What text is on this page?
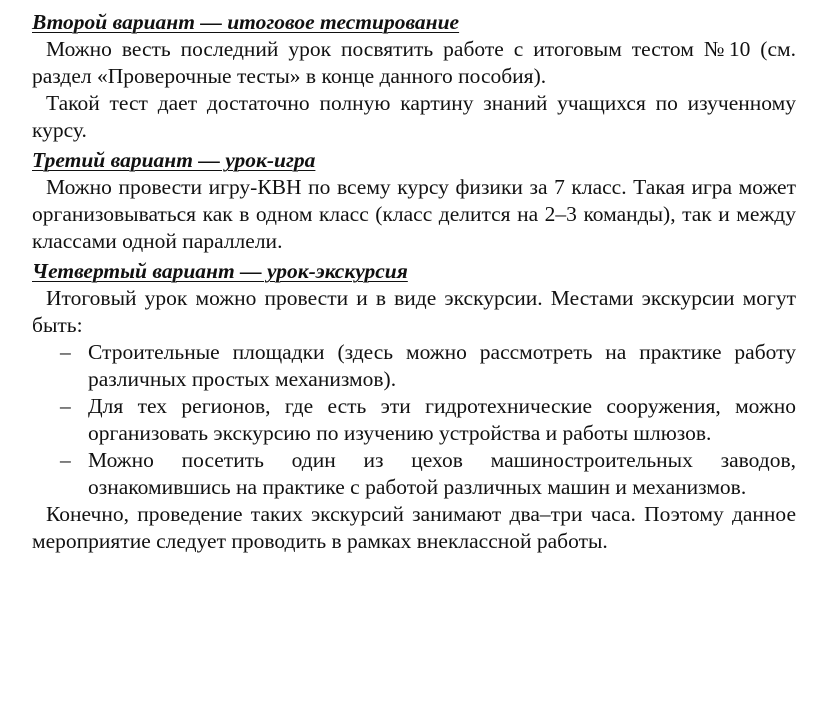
Второй вариант — итоговое тестирование

Можно весть последний урок посвятить работе с итоговым тестом №10 (см. раздел «Проверочные тесты» в конце данного пособия).

Такой тест дает достаточно полную картину знаний учащихся по изученному курсу.

Третий вариант — урок-игра

Можно провести игру-КВН по всему курсу физики за 7 класс. Такая игра может организовываться как в одном класс (класс делится на 2–3 команды), так и между классами одной параллели.

Четвертый вариант — урок-экскурсия

Итоговый урок можно провести и в виде экскурсии. Местами экскурсии могут быть:

– Строительные площадки (здесь можно рассмотреть на практике работу различных простых механизмов).
– Для тех регионов, где есть эти гидротехнические сооружения, можно организовать экскурсию по изучению устройства и работы шлюзов.
– Можно посетить один из цехов машиностроительных заводов, ознакомившись на практике с работой различных машин и механизмов.

Конечно, проведение таких экскурсий занимают два–три часа. Поэтому данное мероприятие следует проводить в рамках внеклассной работы.
